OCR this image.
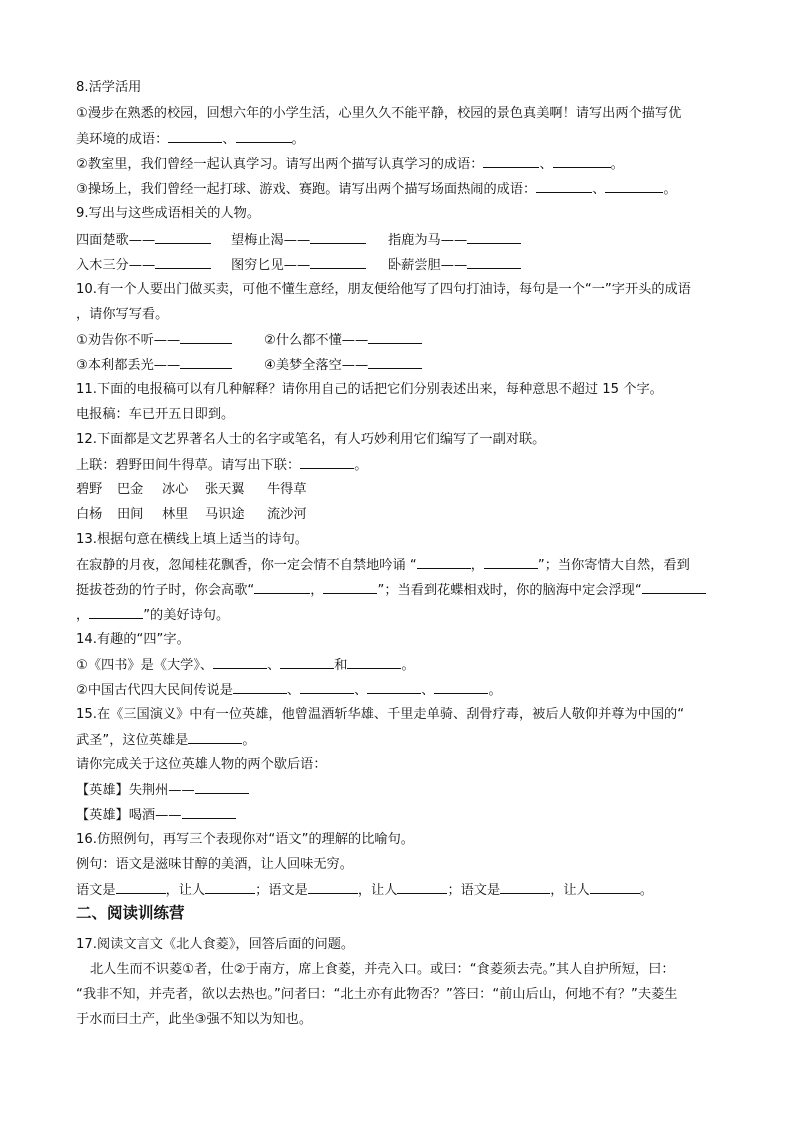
8.活学活用
①漫步在熟悉的校园，回想六年的小学生活，心里久久不能平静，校园的景色真美啊！请写出两个描写优
美环境的成语：	、	。
②教室里，我们曾经一起认真学习。请写出两个描写认真学习的成语：	、	。
③操场上，我们曾经一起打球、游戏、赛跑。请写出两个描写场面热闹的成语：	、	。
9.写出与这些成语相关的人物。
四面楚歌——	望梅止渴——	指鹿为马——
入木三分——	图穷匕见——	卧薪尝胆——
10.有一个人要出门做买卖，可他不懂生意经，朋友便给他写了四句打油诗，每句是一个“一”字开头的成语
，请你写写看。
①劝告你不听——	②什么都不懂——
③本利都丢光——	④美梦全落空——
11.下面的电报稿可以有几种解释？请你用自己的话把它们分别表述出来，每种意思不超过 15 个字。
电报稿：车已开五日即到。
12.下面都是文艺界著名人士的名字或笔名，有人巧妙利用它们编写了一副对联。
上联：碧野田间牛得草。请写出下联：	。
碧野 巴金 冰心 张天翼 牛得草
白杨 田间 林里 马识途 流沙河
13.根据句意在横线上填上适当的诗句。
在寂静的月夜，忽闻桂花飘香，你一定会情不自禁地吟诵 “	，	”；当你寄情大自然，看到
挺拔苍劲的竹子时，你会高歌“	，	”；当看到花蝶相戏时，你的脑海中定会浮现“
，	”的美好诗句。
14.有趣的“四”字。
①《四书》是《大学》、	、	和	。
②中国古代四大民间传说是	、	、	、	。
15.在《三国演义》中有一位英雄，他曾温酒斩华雄、千里走单骑、刮骨疗毒，被后人敬仰并尊为中国的“
武圣”，这位英雄是	。
请你完成关于这位英雄人物的两个歇后语：
【英雄】失荆州——
【英雄】喝酒——
16.仿照例句，再写三个表现你对“语文”的理解的比喻句。
例句：语文是滋味甘醇的美酒，让人回味无穷。
语文是	，让人	；语文是	，让人	；语文是	，让人	。
二、阅读训练营
17.阅读文言文《北人食菱》，回答后面的问题。
北人生而不识菱①者，仕②于南方，席上食菱，并壳入口。或曰：“食菱须去壳。”其人自护所短，曰：
“我非不知，并壳者，欲以去热也。”问者曰：“北土亦有此物否？”答曰：“前山后山，何地不有？”夫菱生
于水而曰土产，此坐③强不知以为知也。
